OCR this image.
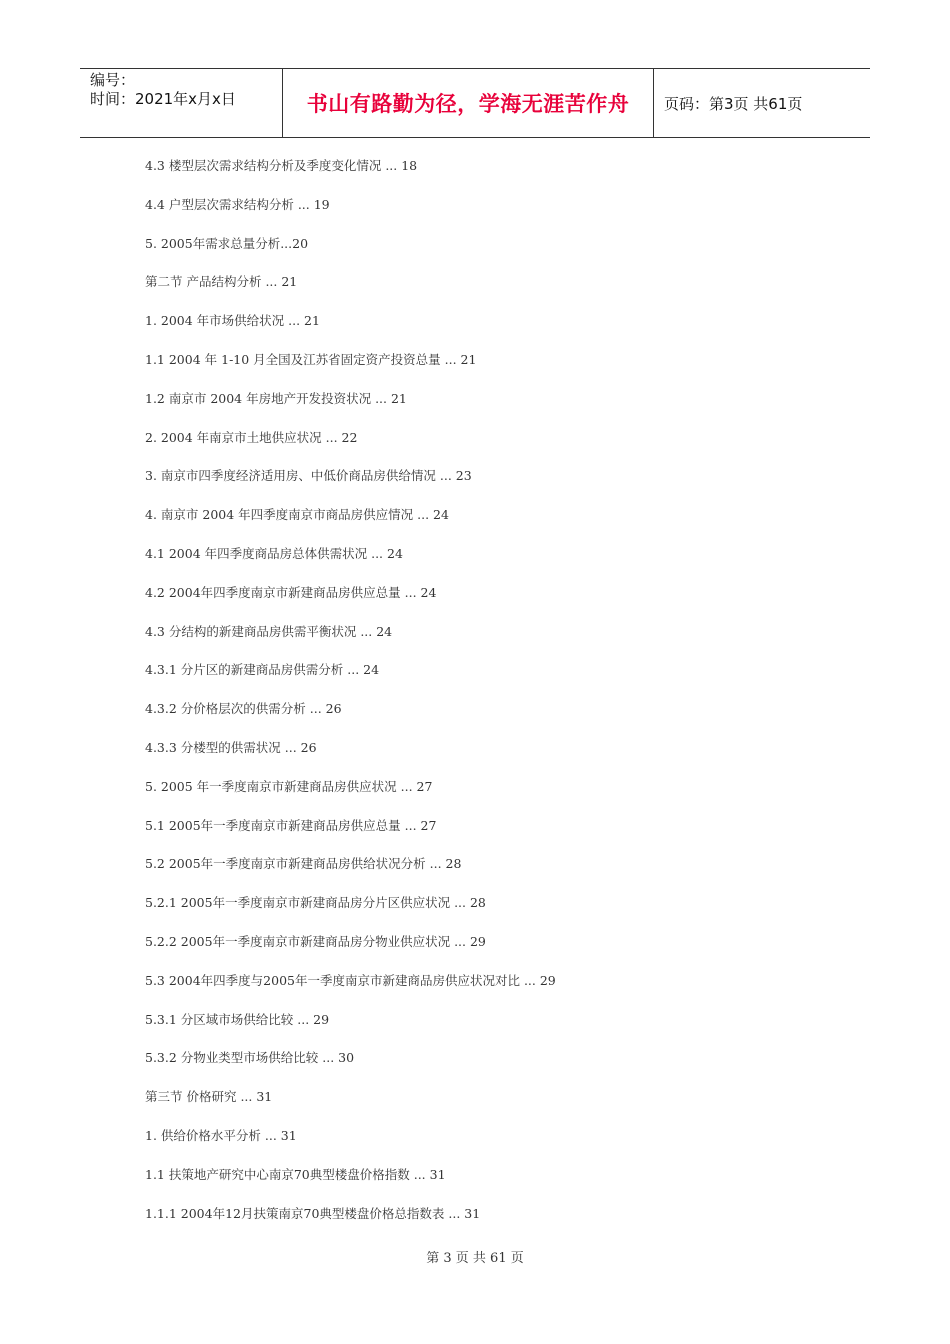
编号：
时间：2021年x月x日	书山有路勤为径，学海无涯苦作舟	页码：第3页 共61页
4.3 楼型层次需求结构分析及季度变化情况 ... 18
4.4 户型层次需求结构分析 ... 19
5. 2005年需求总量分析...20
第二节 产品结构分析 ... 21
1. 2004 年市场供给状况 ... 21
1.1 2004 年 1-10 月全国及江苏省固定资产投资总量 ... 21
1.2 南京市 2004 年房地产开发投资状况 ... 21
2. 2004 年南京市土地供应状况 ... 22
3. 南京市四季度经济适用房、中低价商品房供给情况 ... 23
4. 南京市 2004 年四季度南京市商品房供应情况 ... 24
4.1 2004 年四季度商品房总体供需状况 ... 24
4.2 2004年四季度南京市新建商品房供应总量 ... 24
4.3 分结构的新建商品房供需平衡状况 ... 24
4.3.1 分片区的新建商品房供需分析 ... 24
4.3.2 分价格层次的供需分析 ... 26
4.3.3 分楼型的供需状况 ... 26
5. 2005 年一季度南京市新建商品房供应状况 ... 27
5.1 2005年一季度南京市新建商品房供应总量 ... 27
5.2 2005年一季度南京市新建商品房供给状况分析 ... 28
5.2.1 2005年一季度南京市新建商品房分片区供应状况 ... 28
5.2.2 2005年一季度南京市新建商品房分物业供应状况 ... 29
5.3 2004年四季度与2005年一季度南京市新建商品房供应状况对比 ... 29
5.3.1 分区域市场供给比较 ... 29
5.3.2 分物业类型市场供给比较 ... 30
第三节 价格研究 ... 31
1. 供给价格水平分析 ... 31
1.1 扶策地产研究中心南京70典型楼盘价格指数 ... 31
1.1.1 2004年12月扶策南京70典型楼盘价格总指数表 ... 31
第 3 页 共 61 页
